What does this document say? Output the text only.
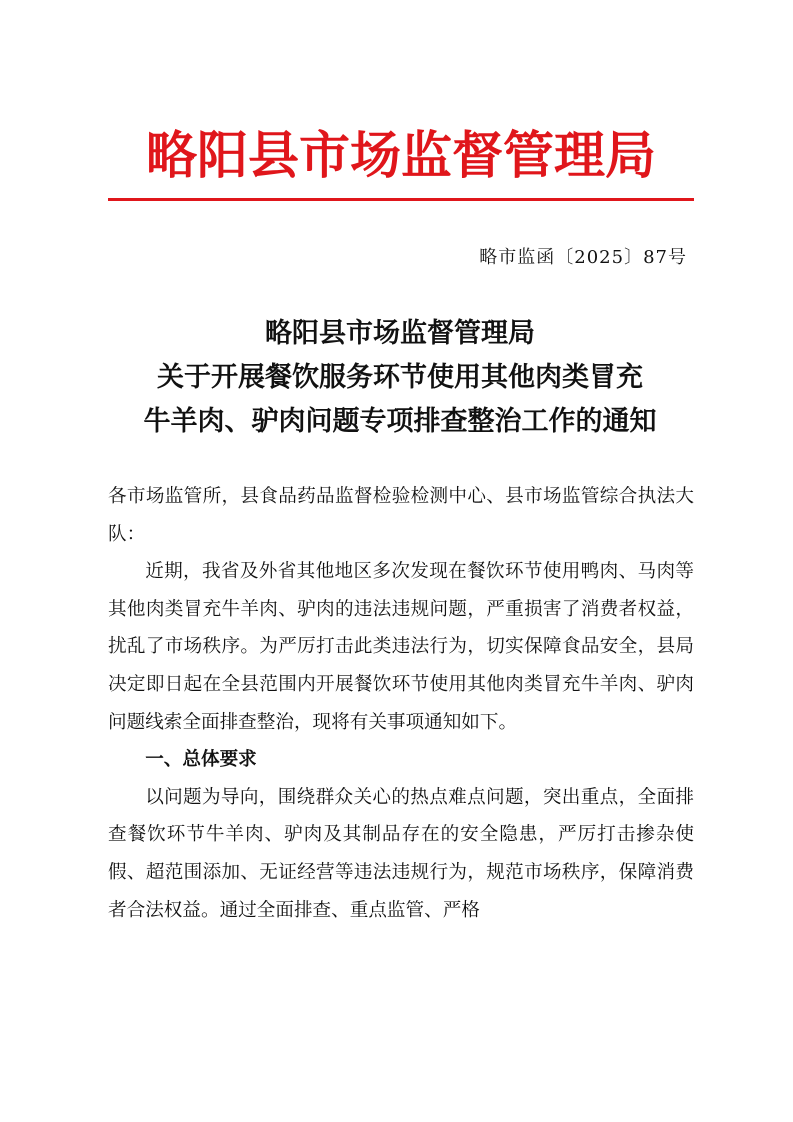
略阳县市场监督管理局
略市监函〔2025〕87号
略阳县市场监督管理局
关于开展餐饮服务环节使用其他肉类冒充
牛羊肉、驴肉问题专项排查整治工作的通知

各市场监管所，县食品药品监督检验检测中心、县市场监管综合执法大队：

近期，我省及外省其他地区多次发现在餐饮环节使用鸭肉、马肉等其他肉类冒充牛羊肉、驴肉的违法违规问题，严重损害了消费者权益，扰乱了市场秩序。为严厉打击此类违法行为，切实保障食品安全，县局决定即日起在全县范围内开展餐饮环节使用其他肉类冒充牛羊肉、驴肉问题线索全面排查整治，现将有关事项通知如下。

一、总体要求

以问题为导向，围绕群众关心的热点难点问题，突出重点，全面排查餐饮环节牛羊肉、驴肉及其制品存在的安全隐患，严厉打击掺杂使假、超范围添加、无证经营等违法违规行为，规范市场秩序，保障消费者合法权益。通过全面排查、重点监管、严格
